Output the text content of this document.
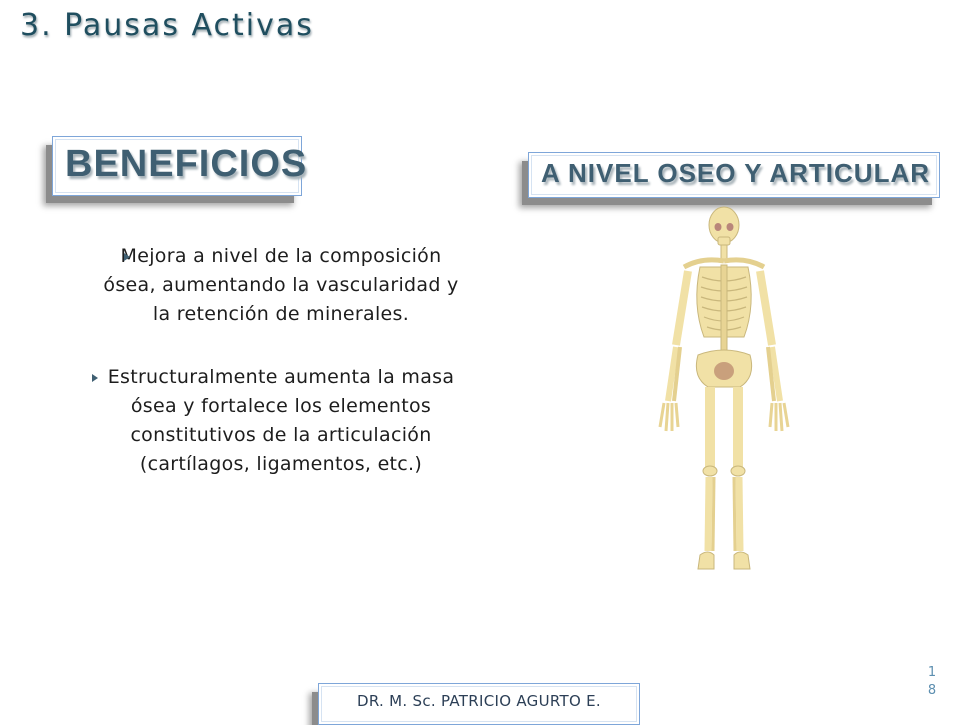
3. Pausas Activas
BENEFICIOS	A NIVEL OSEO Y ARTICULAR
Mejora a nivel de la composición ósea, aumentando la vascularidad y la retención de minerales.
Estructuralmente aumenta la masa ósea y fortalece los elementos constitutivos de la articulación (cartílagos, ligamentos, etc.)
DR. M. Sc. PATRICIO AGURTO E.
1
8
